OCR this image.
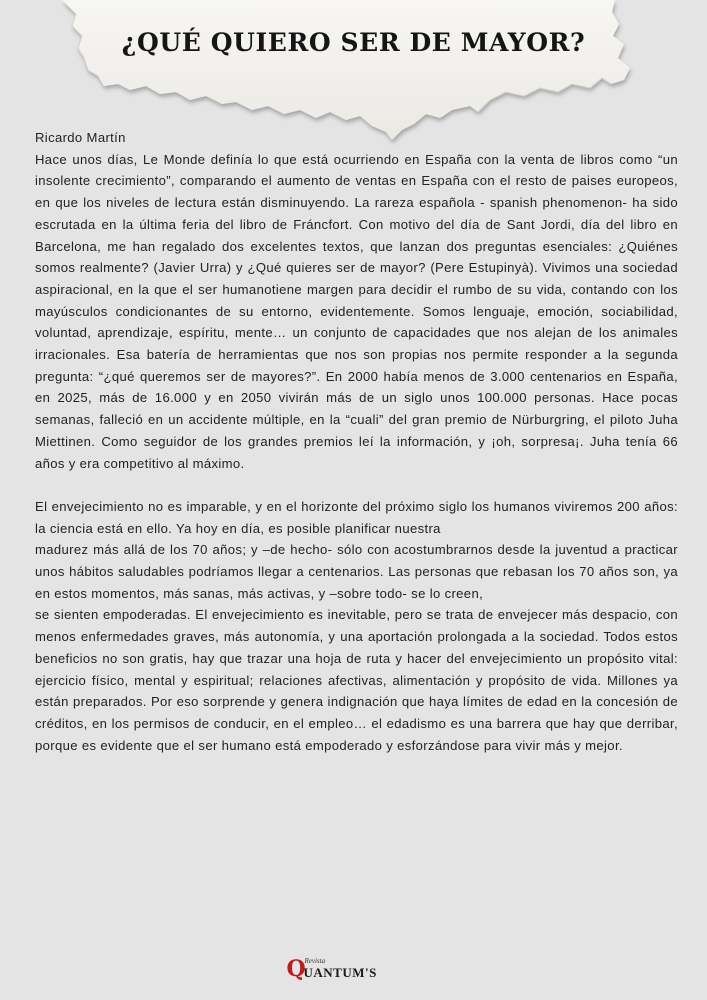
¿QUÉ QUIERO SER DE MAYOR?

Ricardo Martín

Hace unos días, Le Monde definía lo que está ocurriendo en España con la venta de libros como “un insolente crecimiento”, comparando el aumento de ventas en España con el resto de paises europeos, en que los niveles de lectura están disminuyendo. La rareza española - spanish phenomenon- ha sido escrutada en la última feria del libro de Fráncfort. Con motivo del día de Sant Jordi, día del libro en Barcelona, me han regalado dos excelentes textos, que lanzan dos preguntas esenciales: ¿Quiénes somos realmente? (Javier Urra) y ¿Qué quieres ser de mayor? (Pere Estupinyà). Vivimos una sociedad aspiracional, en la que el ser humanotiene margen para decidir el rumbo de su vida, contando con los mayúsculos condicionantes de su entorno, evidentemente. Somos lenguaje, emoción, sociabilidad, voluntad, aprendizaje, espíritu, mente… un conjunto de capacidades que nos alejan de los animales irracionales. Esa batería de herramientas que nos son propias nos permite responder a la segunda pregunta: “¿qué queremos ser de mayores?”. En 2000 había menos de 3.000 centenarios en España, en 2025, más de 16.000 y en 2050 vivirán más de un siglo unos 100.000 personas. Hace pocas semanas, falleció en un accidente múltiple, en la “cuali” del gran premio de Nürburgring, el piloto Juha Miettinen. Como seguidor de los grandes premios leí la información, y ¡oh, sorpresa¡. Juha tenía 66 años y era competitivo al máximo.

El envejecimiento no es imparable, y en el horizonte del próximo siglo los humanos viviremos 200 años: la ciencia está en ello. Ya hoy en día, es posible planificar nuestra

madurez más allá de los 70 años; y –de hecho- sólo con acostumbrarnos desde la juventud a practicar unos hábitos saludables podríamos llegar a centenarios. Las personas que rebasan los 70 años son, ya en estos momentos, más sanas, más activas, y –sobre todo- se lo creen,

se sienten empoderadas. El envejecimiento es inevitable, pero se trata de envejecer más despacio, con menos enfermedades graves, más autonomía, y una aportación prolongada a la sociedad. Todos estos beneficios no son gratis, hay que trazar una hoja de ruta y hacer del envejecimiento un propósito vital: ejercicio físico, mental y espiritual; relaciones afectivas, alimentación y propósito de vida. Millones ya están preparados. Por eso sorprende y genera indignación que haya límites de edad en la concesión de créditos, en los permisos de conducir, en el empleo… el edadismo es una barrera que hay que derribar, porque es evidente que el ser humano está empoderado y esforzándose para vivir más y mejor.

Q
Revista
UANTUM'S
